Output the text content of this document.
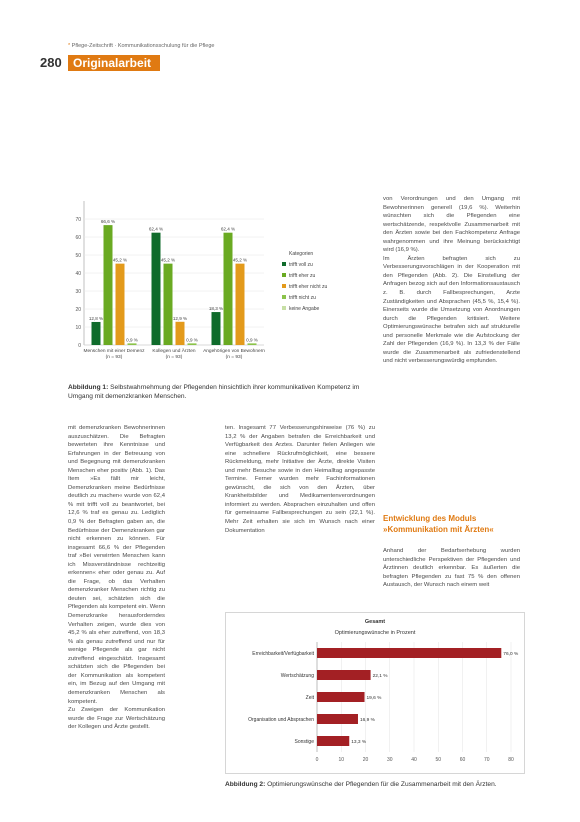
* Pflege-Zeitschrift · Kommunikationsschulung für die Pflege
280 Originalarbeit
0
10
20
30
40
50
60
70
12,8 %
66,6 %
45,2 %
0,9 %
Menschen mit einer Demenz
(n = 93)
62,4 %
45,2 %
12,9 %
0,9 %
Kollegen und Ärzten
(n = 93)
18,3 %
62,4 %
45,2 %
0,9 %
Angehörigen von Bewohnern
(n = 93)
Kategorien
trifft voll zu
trifft eher zu
trifft eher nicht zu
trifft nicht zu
keine Angabe
Abbildung 1: Selbstwahrnehmung der Pflegenden hinsichtlich ihrer kommunikativen Kompetenz im Umgang mit demenzkranken Menschen.

mit demenzkranken Bewohnerinnen auszuschätzen. Die Befragten bewerteten ihre Kenntnisse und Erfahrungen in der Betreuung von und Begegnung mit demenzkranken Menschen eher positiv (Abb. 1). Das Item »Es fällt mir leicht, Demenzkranken meine Bedürfnisse deutlich zu machen« wurde von 62,4 % mit trifft voll zu beantwortet, bei 12,6 % traf es genau zu. Lediglich 0,9 % der Befragten gaben an, die Bedürfnisse der Demenzkranken gar nicht erkennen zu können. Für insgesamt 66,6 % der Pflegenden traf »Bei verwirrten Menschen kann ich Missverständnisse rechtzeitig erkennen« eher oder genau zu. Auf die Frage, ob das Verhalten demenzkranker Menschen richtig zu deuten sei, schätzten sich die Pflegenden als kompetent ein. Wenn Demenzkranke herausforderndes Verhalten zeigen, wurde dies von 45,2 % als eher zutreffend, von 18,3 % als genau zutreffend und nur für wenige Pflegende als gar nicht zutreffend eingeschätzt. Insgesamt schätzten sich die Pflegenden bei der Kommunikation als kompetent ein, im Bezug auf den Umgang mit demenzkranken Menschen als kompetent.

Zu Zweigen der Kommunikation wurde die Frage zur Wertschätzung der Kollegen und Ärzte gestellt.

ten. Insgesamt 77 Verbesserungshinweise (76 %) zu 13,2 % der Angaben betrafen die Erreichbarkeit und Verfügbarkeit des Arztes. Darunter fielen Anliegen wie eine schnellere Rückrufmöglichkeit, eine bessere Rückmeldung, mehr Initiative der Ärzte, direkte Visiten und mehr Besuche sowie in den Heimalltag angepasste Termine. Ferner wurden mehr Fachinformationen gewünscht, die sich von den Ärzten, über Krankheitsbilder und Medikamentenverordnungen informiert zu werden. Absprachen einzuhalten und offen für gemeinsame Fallbesprechungen zu sein (22,1 %). Mehr Zeit erhalten sie sich im Wunsch nach einer Dokumentation

von Verordnungen und den Umgang mit Bewohnerinnen generell (19,6 %). Weiterhin wünschten sich die Pflegenden eine wertschätzende, respektvolle Zusammenarbeit mit den Ärzten sowie bei den Fachkompetenz Anfrage wahrgenommen und ihre Meinung berücksichtigt wird (16,9 %).

Im Ärzten befragten sich zu Verbesserungsvorschlägen in der Kooperation mit den Pflegenden (Abb. 2). Die Einstellung der Anfragen bezog sich auf den Informationsaustausch z. B. durch Fallbesprechungen, Arzte Zuständigkeiten und Absprachen (45,5 %, 15,4 %). Einerseits wurde die Umsetzung von Anordnungen durch die Pflegenden kritisiert. Weitere Optimierungswünsche betrafen sich auf strukturelle und personelle Merkmale wie die Aufstockung der Zahl der Pflegenden (16,9 %). In 13,3 % der Fälle wurde die Zusammenarbeit als zufriedenstellend und nicht verbesserungswürdig empfunden.

Entwicklung des Moduls »Kommunikation mit Ärzten«

Anhand der Bedarfserhebung wurden unterschiedliche Perspektiven der Pflegenden und Ärztinnen deutlich erkennbar. Es äußerten die befragten Pflegenden zu fast 75 % den offenen Austausch, der Wunsch nach einem weit

Gesamt
Optimierungswünsche in Prozent
0	10	20	30	40	50	60	70	80
Erreichbarkeit/Verfügbarkeit	76,0 %
Wertschätzung	22,1 %
Zeit	19,6 %
Organisation und Absprachen	16,9 %
Sonstige	13,3 %
Abbildung 2: Optimierungswünsche der Pflegenden für die Zusammenarbeit mit den Ärzten.
